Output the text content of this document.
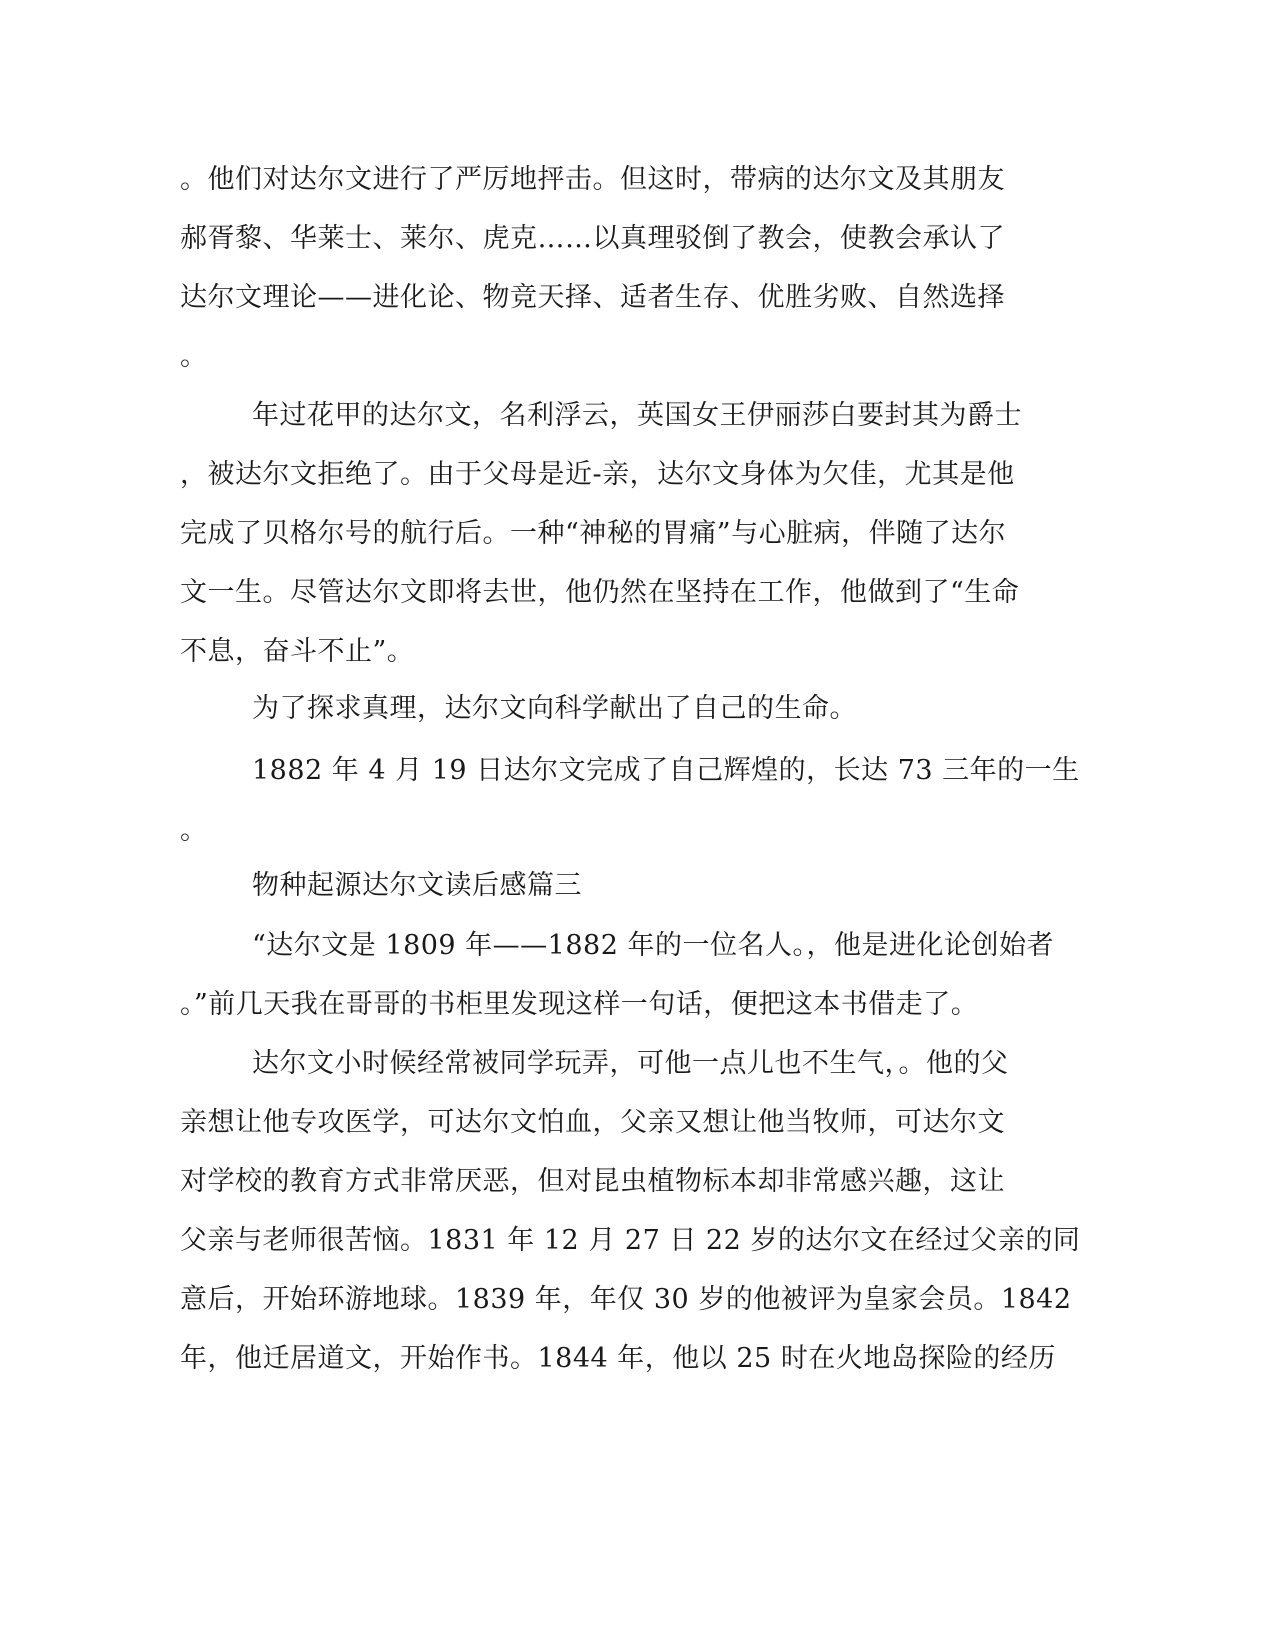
。他们对达尔文进行了严厉地抨击。但这时，带病的达尔文及其朋友
郝胥黎、华莱士、莱尔、虎克……以真理驳倒了教会，使教会承认了
达尔文理论——进化论、物竞天择、适者生存、优胜劣败、自然选择
。
年过花甲的达尔文，名利浮云，英国女王伊丽莎白要封其为爵士
，被达尔文拒绝了。由于父母是近-亲，达尔文身体为欠佳，尤其是他
完成了贝格尔号的航行后。一种“神秘的胃痛”与心脏病，伴随了达尔
文一生。尽管达尔文即将去世，他仍然在坚持在工作，他做到了“生命
不息，奋斗不止”。
为了探求真理，达尔文向科学献出了自己的生命。
1882 年 4 月 19 日达尔文完成了自己辉煌的，长达 73 三年的一生
。
物种起源达尔文读后感篇三
“达尔文是 1809 年——1882 年的一位名人。，他是进化论创始者
。”前几天我在哥哥的书柜里发现这样一句话，便把这本书借走了。
达尔文小时候经常被同学玩弄，可他一点儿也不生气，。他的父
亲想让他专攻医学，可达尔文怕血，父亲又想让他当牧师，可达尔文
对学校的教育方式非常厌恶，但对昆虫植物标本却非常感兴趣，这让
父亲与老师很苦恼。1831 年 12 月 27 日 22 岁的达尔文在经过父亲的同
意后，开始环游地球。1839 年，年仅 30 岁的他被评为皇家会员。1842
年，他迁居道文，开始作书。1844 年，他以 25 时在火地岛探险的经历
